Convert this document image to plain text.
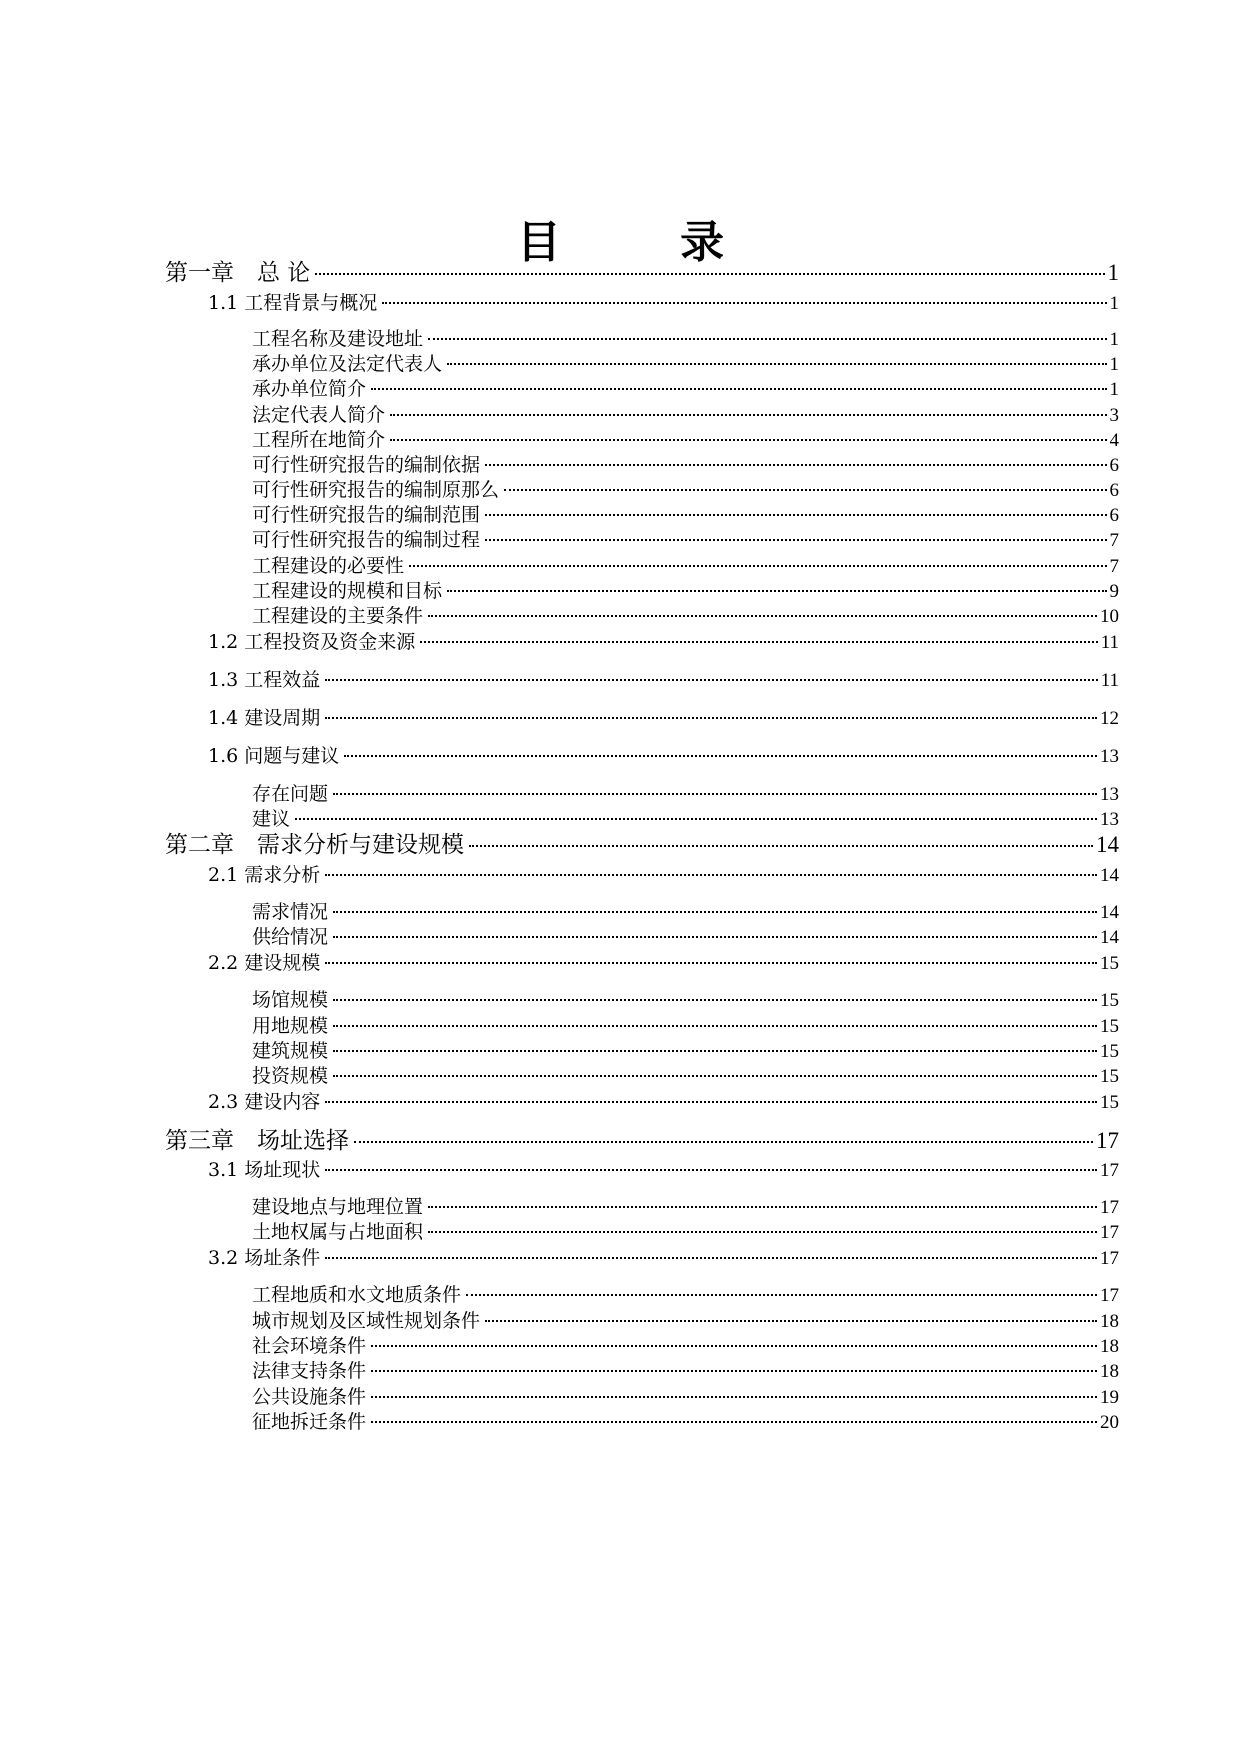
目 录
第一章　总 论	1
1.1 工程背景与概况	1
工程名称及建设地址	1
承办单位及法定代表人	1
承办单位简介	1
法定代表人简介	3
工程所在地简介	4
可行性研究报告的编制依据	6
可行性研究报告的编制原那么	6
可行性研究报告的编制范围	6
可行性研究报告的编制过程	7
工程建设的必要性	7
工程建设的规模和目标	9
工程建设的主要条件	10
1.2 工程投资及资金来源	11
1.3 工程效益	11
1.4 建设周期	12
1.6 问题与建议	13
存在问题	13
建议	13
第二章　需求分析与建设规模	14
2.1 需求分析	14
需求情况	14
供给情况	14
2.2 建设规模	15
场馆规模	15
用地规模	15
建筑规模	15
投资规模	15
2.3 建设内容	15
第三章　场址选择	17
3.1 场址现状	17
建设地点与地理位置	17
土地权属与占地面积	17
3.2 场址条件	17
工程地质和水文地质条件	17
城市规划及区域性规划条件	18
社会环境条件	18
法律支持条件	18
公共设施条件	19
征地拆迁条件	20
